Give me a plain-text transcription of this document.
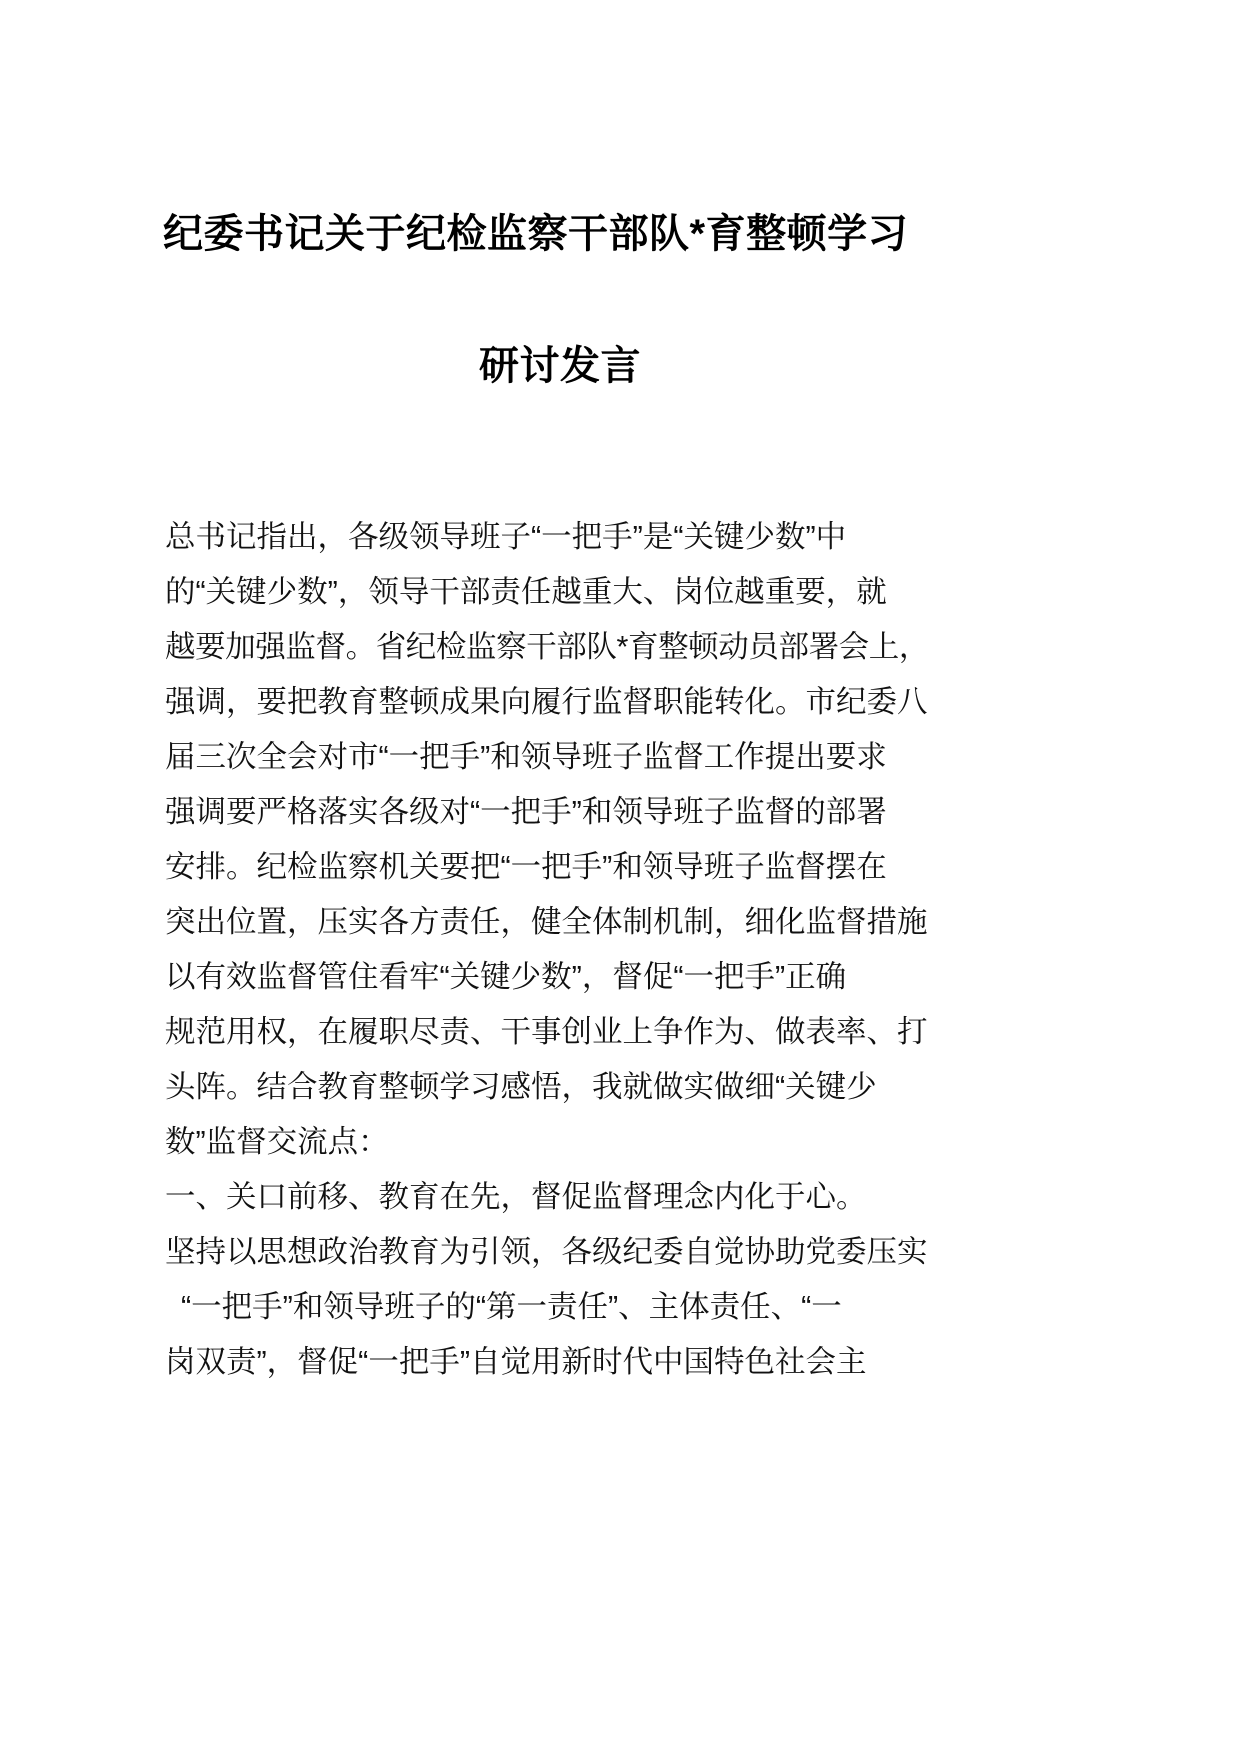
纪委书记关于纪检监察干部队*育整顿学习
研讨发言
总书记指出，各级领导班子“一把手”是“关键少数”中
的“关键少数”，领导干部责任越重大、岗位越重要，就
越要加强监督。省纪检监察干部队*育整顿动员部署会上，
强调，要把教育整顿成果向履行监督职能转化。市纪委八
届三次全会对市“一把手”和领导班子监督工作提出要求
强调要严格落实各级对“一把手”和领导班子监督的部署
安排。纪检监察机关要把“一把手”和领导班子监督摆在
突出位置，压实各方责任，健全体制机制，细化监督措施
以有效监督管住看牢“关键少数”，督促“一把手”正确
规范用权，在履职尽责、干事创业上争作为、做表率、打
头阵。结合教育整顿学习感悟，我就做实做细“关键少
数”监督交流点：
一、关口前移、教育在先，督促监督理念内化于心。
坚持以思想政治教育为引领，各级纪委自觉协助党委压实
“一把手”和领导班子的“第一责任”、主体责任、“一
岗双责”，督促“一把手”自觉用新时代中国特色社会主
